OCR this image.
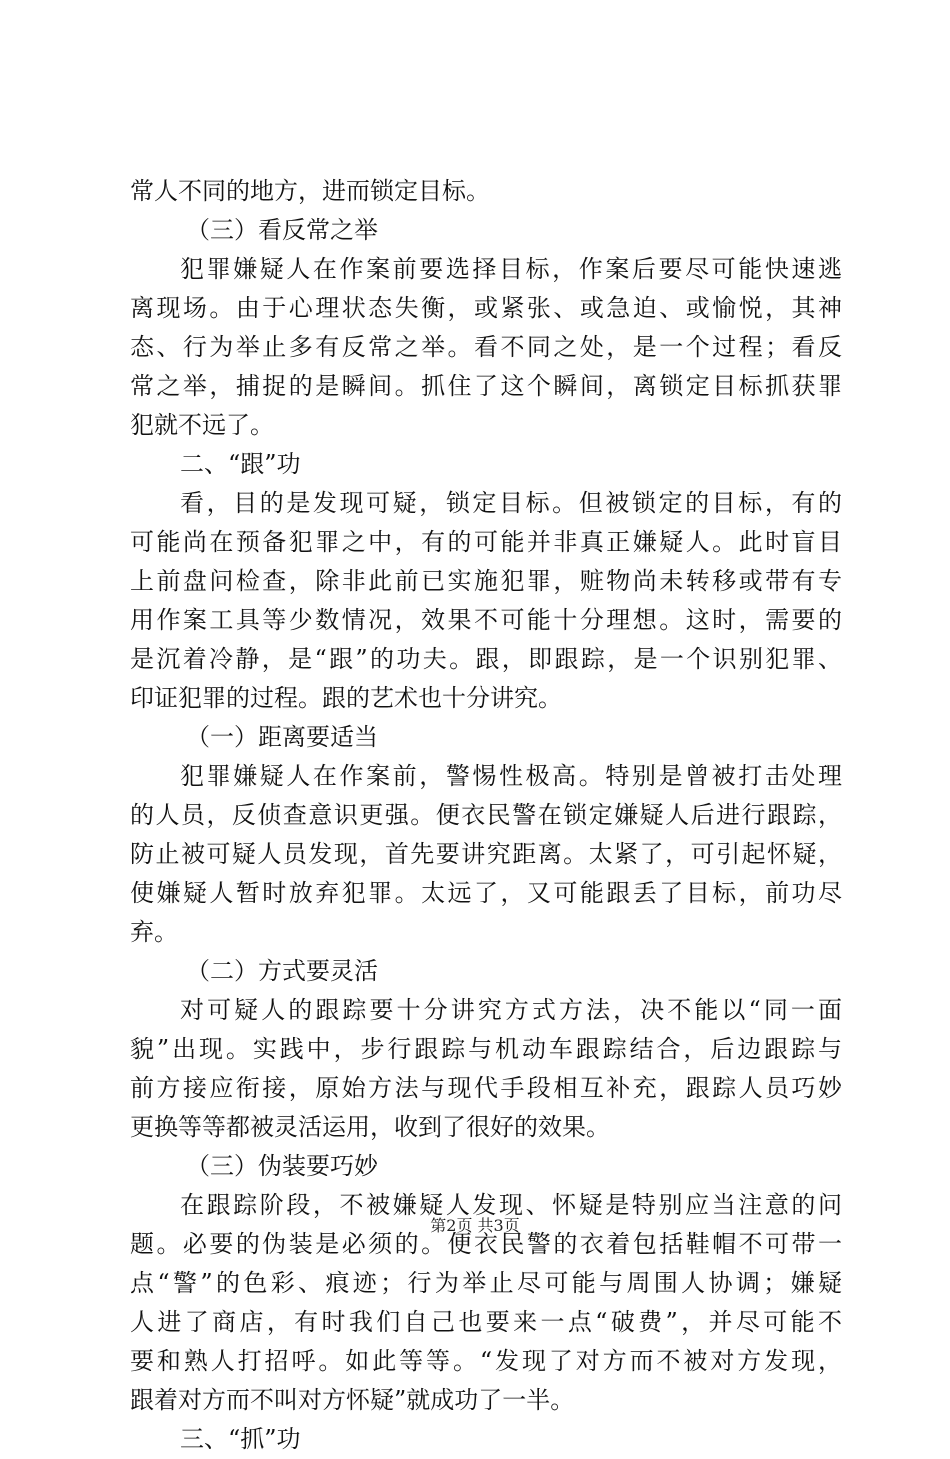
常人不同的地方，进而锁定目标。
（三）看反常之举
犯罪嫌疑人在作案前要选择目标，作案后要尽可能快速逃
离现场。由于心理状态失衡，或紧张、或急迫、或愉悦，其神
态、行为举止多有反常之举。看不同之处，是一个过程；看反
常之举，捕捉的是瞬间。抓住了这个瞬间，离锁定目标抓获罪
犯就不远了。
二、“跟”功
看，目的是发现可疑，锁定目标。但被锁定的目标，有的
可能尚在预备犯罪之中，有的可能并非真正嫌疑人。此时盲目
上前盘问检查，除非此前已实施犯罪，赃物尚未转移或带有专
用作案工具等少数情况，效果不可能十分理想。这时，需要的
是沉着冷静，是“跟”的功夫。跟，即跟踪，是一个识别犯罪、
印证犯罪的过程。跟的艺术也十分讲究。
（一）距离要适当
犯罪嫌疑人在作案前，警惕性极高。特别是曾被打击处理
的人员，反侦查意识更强。便衣民警在锁定嫌疑人后进行跟踪，
防止被可疑人员发现，首先要讲究距离。太紧了，可引起怀疑，
使嫌疑人暂时放弃犯罪。太远了，又可能跟丢了目标，前功尽
弃。
（二）方式要灵活
对可疑人的跟踪要十分讲究方式方法，决不能以“同一面
貌”出现。实践中，步行跟踪与机动车跟踪结合，后边跟踪与
前方接应衔接，原始方法与现代手段相互补充，跟踪人员巧妙
更换等等都被灵活运用，收到了很好的效果。
（三）伪装要巧妙
在跟踪阶段，不被嫌疑人发现、怀疑是特别应当注意的问
题。必要的伪装是必须的。便衣民警的衣着包括鞋帽不可带一
点“警”的色彩、痕迹；行为举止尽可能与周围人协调；嫌疑
人进了商店，有时我们自己也要来一点“破费”，并尽可能不
要和熟人打招呼。如此等等。“发现了对方而不被对方发现，
跟着对方而不叫对方怀疑”就成功了一半。
三、“抓”功
第2页 共3页
